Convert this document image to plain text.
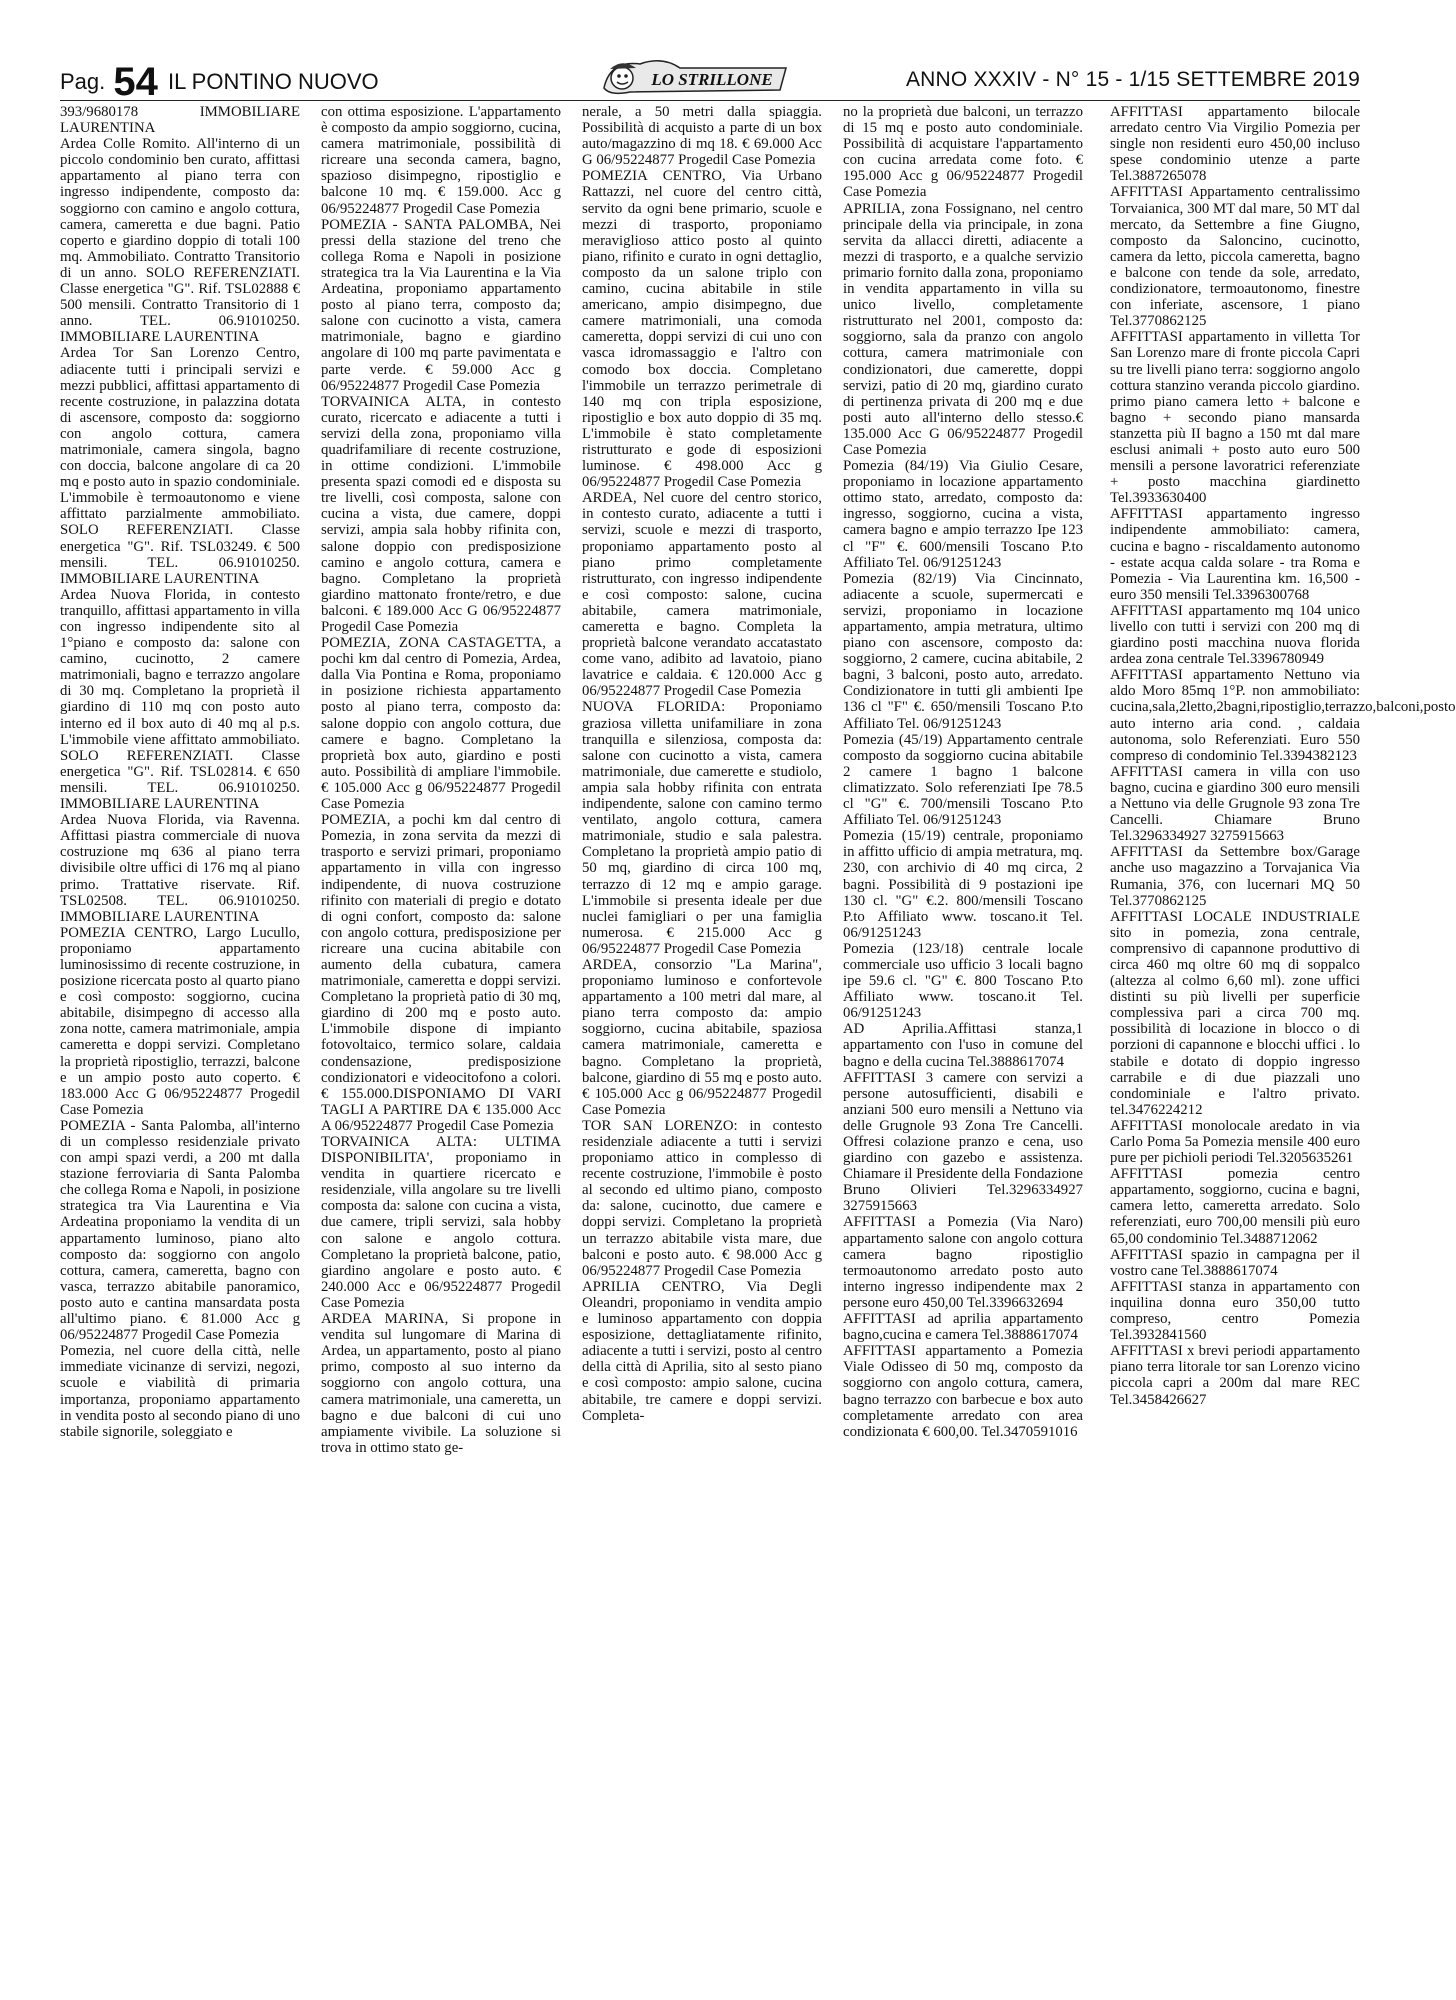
Pag. 54 IL PONTINO NUOVO	LO STRILLONE	ANNO XXXIV - N° 15 - 1/15 SETTEMBRE 2019

393/9680178 IMMOBILIARE LAURENTINA

Ardea Colle Romito. All'interno di un piccolo condominio ben curato, affittasi appartamento al piano terra con ingresso indipendente, composto da: soggiorno con camino e angolo cottura, camera, cameretta e due bagni. Patio coperto e giardino doppio di totali 100 mq. Ammobiliato. Contratto Transitorio di un anno. SOLO REFERENZIATI. Classe energetica "G". Rif. TSL02888 € 500 mensili. Contratto Transitorio di 1 anno. TEL. 06.91010250. IMMOBILIARE LAURENTINA

Ardea Tor San Lorenzo Centro, adiacente tutti i principali servizi e mezzi pubblici, affittasi appartamento di recente costruzione, in palazzina dotata di ascensore, composto da: soggiorno con angolo cottura, camera matrimoniale, camera singola, bagno con doccia, balcone angolare di ca 20 mq e posto auto in spazio condominiale. L'immobile è termoautonomo e viene affittato parzialmente ammobiliato. SOLO REFERENZIATI. Classe energetica "G". Rif. TSL03249. € 500 mensili. TEL. 06.91010250. IMMOBILIARE LAURENTINA

Ardea Nuova Florida, in contesto tranquillo, affittasi appartamento in villa con ingresso indipendente sito al 1°piano e composto da: salone con camino, cucinotto, 2 camere matrimoniali, bagno e terrazzo angolare di 30 mq. Completano la proprietà il giardino di 110 mq con posto auto interno ed il box auto di 40 mq al p.s. L'immobile viene affittato ammobiliato. SOLO REFERENZIATI. Classe energetica "G". Rif. TSL02814. € 650 mensili. TEL. 06.91010250. IMMOBILIARE LAURENTINA

Ardea Nuova Florida, via Ravenna. Affittasi piastra commerciale di nuova costruzione mq 636 al piano terra divisibile oltre uffici di 176 mq al piano primo. Trattative riservate. Rif. TSL02508. TEL. 06.91010250. IMMOBILIARE LAURENTINA

POMEZIA CENTRO, Largo Lucullo, proponiamo appartamento luminosissimo di recente costruzione, in posizione ricercata posto al quarto piano e così composto: soggiorno, cucina abitabile, disimpegno di accesso alla zona notte, camera matrimoniale, ampia cameretta e doppi servizi. Completano la proprietà ripostiglio, terrazzi, balcone e un ampio posto auto coperto. € 183.000 Acc G 06/95224877 Progedil Case Pomezia

POMEZIA - Santa Palomba, all'interno di un complesso residenziale privato con ampi spazi verdi, a 200 mt dalla stazione ferroviaria di Santa Palomba che collega Roma e Napoli, in posizione strategica tra Via Laurentina e Via Ardeatina proponiamo la vendita di un appartamento luminoso, piano alto composto da: soggiorno con angolo cottura, camera, cameretta, bagno con vasca, terrazzo abitabile panoramico, posto auto e cantina mansardata posta all'ultimo piano. € 81.000 Acc g 06/95224877 Progedil Case Pomezia

Pomezia, nel cuore della città, nelle immediate vicinanze di servizi, negozi, scuole e viabilità di primaria importanza, proponiamo appartamento in vendita posto al secondo piano di uno stabile signorile, soleggiato e

con ottima esposizione. L'appartamento è composto da ampio soggiorno, cucina, camera matrimoniale, possibilità di ricreare una seconda camera, bagno, spazioso disimpegno, ripostiglio e balcone 10 mq. € 159.000. Acc g 06/95224877 Progedil Case Pomezia

POMEZIA - SANTA PALOMBA, Nei pressi della stazione del treno che collega Roma e Napoli in posizione strategica tra la Via Laurentina e la Via Ardeatina, proponiamo appartamento posto al piano terra, composto da; salone con cucinotto a vista, camera matrimoniale, bagno e giardino angolare di 100 mq parte pavimentata e parte verde. € 59.000 Acc g 06/95224877 Progedil Case Pomezia

TORVAINICA ALTA, in contesto curato, ricercato e adiacente a tutti i servizi della zona, proponiamo villa quadrifamiliare di recente costruzione, in ottime condizioni. L'immobile presenta spazi comodi ed e disposta su tre livelli, così composta, salone con cucina a vista, due camere, doppi servizi, ampia sala hobby rifinita con, salone doppio con predisposizione camino e angolo cottura, camera e bagno. Completano la proprietà giardino mattonato fronte/retro, e due balconi. € 189.000 Acc G 06/95224877 Progedil Case Pomezia

POMEZIA, ZONA CASTAGETTA, a pochi km dal centro di Pomezia, Ardea, dalla Via Pontina e Roma, proponiamo in posizione richiesta appartamento posto al piano terra, composto da: salone doppio con angolo cottura, due camere e bagno. Completano la proprietà box auto, giardino e posti auto. Possibilità di ampliare l'immobile. € 105.000 Acc g 06/95224877 Progedil Case Pomezia

POMEZIA, a pochi km dal centro di Pomezia, in zona servita da mezzi di trasporto e servizi primari, proponiamo appartamento in villa con ingresso indipendente, di nuova costruzione rifinito con materiali di pregio e dotato di ogni confort, composto da: salone con angolo cottura, predisposizione per ricreare una cucina abitabile con aumento della cubatura, camera matrimoniale, cameretta e doppi servizi. Completano la proprietà patio di 30 mq, giardino di 200 mq e posto auto. L'immobile dispone di impianto fotovoltaico, termico solare, caldaia condensazione, predisposizione condizionatori e videocitofono a colori. € 155.000.DISPONIAMO DI VARI TAGLI A PARTIRE DA € 135.000 Acc A 06/95224877 Progedil Case Pomezia

TORVAINICA ALTA: ULTIMA DISPONIBILITA', proponiamo in vendita in quartiere ricercato e residenziale, villa angolare su tre livelli composta da: salone con cucina a vista, due camere, tripli servizi, sala hobby con salone e angolo cottura. Completano la proprietà balcone, patio, giardino angolare e posto auto. € 240.000 Acc e 06/95224877 Progedil Case Pomezia

ARDEA MARINA, Si propone in vendita sul lungomare di Marina di Ardea, un appartamento, posto al piano primo, composto al suo interno da soggiorno con angolo cottura, una camera matrimoniale, una cameretta, un bagno e due balconi di cui uno ampiamente vivibile. La soluzione si trova in ottimo stato ge-

nerale, a 50 metri dalla spiaggia. Possibilità di acquisto a parte di un box auto/magazzino di mq 18. € 69.000 Acc G 06/95224877 Progedil Case Pomezia

POMEZIA CENTRO, Via Urbano Rattazzi, nel cuore del centro città, servito da ogni bene primario, scuole e mezzi di trasporto, proponiamo meraviglioso attico posto al quinto piano, rifinito e curato in ogni dettaglio, composto da un salone triplo con camino, cucina abitabile in stile americano, ampio disimpegno, due camere matrimoniali, una comoda cameretta, doppi servizi di cui uno con vasca idromassaggio e l'altro con comodo box doccia. Completano l'immobile un terrazzo perimetrale di 140 mq con tripla esposizione, ripostiglio e box auto doppio di 35 mq. L'immobile è stato completamente ristrutturato e gode di esposizioni luminose. € 498.000 Acc g 06/95224877 Progedil Case Pomezia

ARDEA, Nel cuore del centro storico, in contesto curato, adiacente a tutti i servizi, scuole e mezzi di trasporto, proponiamo appartamento posto al piano primo completamente ristrutturato, con ingresso indipendente e così composto: salone, cucina abitabile, camera matrimoniale, cameretta e bagno. Completa la proprietà balcone verandato accatastato come vano, adibito ad lavatoio, piano lavatrice e caldaia. € 120.000 Acc g 06/95224877 Progedil Case Pomezia

NUOVA FLORIDA: Proponiamo graziosa villetta unifamiliare in zona tranquilla e silenziosa, composta da: salone con cucinotto a vista, camera matrimoniale, due camerette e studiolo, ampia sala hobby rifinita con entrata indipendente, salone con camino termo ventilato, angolo cottura, camera matrimoniale, studio e sala palestra. Completano la proprietà ampio patio di 50 mq, giardino di circa 100 mq, terrazzo di 12 mq e ampio garage. L'immobile si presenta ideale per due nuclei famigliari o per una famiglia numerosa. € 215.000 Acc g 06/95224877 Progedil Case Pomezia

ARDEA, consorzio "La Marina", proponiamo luminoso e confortevole appartamento a 100 metri dal mare, al piano terra composto da: ampio soggiorno, cucina abitabile, spaziosa camera matrimoniale, cameretta e bagno. Completano la proprietà, balcone, giardino di 55 mq e posto auto. € 105.000 Acc g 06/95224877 Progedil Case Pomezia

TOR SAN LORENZO: in contesto residenziale adiacente a tutti i servizi proponiamo attico in complesso di recente costruzione, l'immobile è posto al secondo ed ultimo piano, composto da: salone, cucinotto, due camere e doppi servizi. Completano la proprietà un terrazzo abitabile vista mare, due balconi e posto auto. € 98.000 Acc g 06/95224877 Progedil Case Pomezia

APRILIA CENTRO, Via Degli Oleandri, proponiamo in vendita ampio e luminoso appartamento con doppia esposizione, dettagliatamente rifinito, adiacente a tutti i servizi, posto al centro della città di Aprilia, sito al sesto piano e così composto: ampio salone, cucina abitabile, tre camere e doppi servizi. Completa-

no la proprietà due balconi, un terrazzo di 15 mq e posto auto condominiale. Possibilità di acquistare l'appartamento con cucina arredata come foto. € 195.000 Acc g 06/95224877 Progedil Case Pomezia

APRILIA, zona Fossignano, nel centro principale della via principale, in zona servita da allacci diretti, adiacente a mezzi di trasporto, e a qualche servizio primario fornito dalla zona, proponiamo in vendita appartamento in villa su unico livello, completamente ristrutturato nel 2001, composto da: soggiorno, sala da pranzo con angolo cottura, camera matrimoniale con condizionatori, due camerette, doppi servizi, patio di 20 mq, giardino curato di pertinenza privata di 200 mq e due posti auto all'interno dello stesso.€ 135.000 Acc G 06/95224877 Progedil Case Pomezia

Pomezia (84/19) Via Giulio Cesare, proponiamo in locazione appartamento ottimo stato, arredato, composto da: ingresso, soggiorno, cucina a vista, camera bagno e ampio terrazzo Ipe 123 cl "F" €. 600/mensili Toscano P.to Affiliato Tel. 06/91251243

Pomezia (82/19) Via Cincinnato, adiacente a scuole, supermercati e servizi, proponiamo in locazione appartamento, ampia metratura, ultimo piano con ascensore, composto da: soggiorno, 2 camere, cucina abitabile, 2 bagni, 3 balconi, posto auto, arredato. Condizionatore in tutti gli ambienti Ipe 136 cl "F" €. 650/mensili Toscano P.to Affiliato Tel. 06/91251243

Pomezia (45/19) Appartamento centrale composto da soggiorno cucina abitabile 2 camere 1 bagno 1 balcone climatizzato. Solo referenziati Ipe 78.5 cl "G" €. 700/mensili Toscano P.to Affiliato Tel. 06/91251243

Pomezia (15/19) centrale, proponiamo in affitto ufficio di ampia metratura, mq. 230, con archivio di 40 mq circa, 2 bagni. Possibilità di 9 postazioni ipe 130 cl. "G" €.2. 800/mensili Toscano P.to Affiliato www. toscano.it Tel. 06/91251243

Pomezia (123/18) centrale locale commerciale uso ufficio 3 locali bagno ipe 59.6 cl. "G" €. 800 Toscano P.to Affiliato www. toscano.it Tel. 06/91251243

AD Aprilia.Affittasi stanza,1 appartamento con l'uso in comune del bagno e della cucina Tel.3888617074

AFFITTASI 3 camere con servizi a persone autosufficienti, disabili e anziani 500 euro mensili a Nettuno via delle Grugnole 93 Zona Tre Cancelli. Offresi colazione pranzo e cena, uso giardino con gazebo e assistenza. Chiamare il Presidente della Fondazione Bruno Olivieri Tel.3296334927 3275915663

AFFITTASI a Pomezia (Via Naro) appartamento salone con angolo cottura camera bagno ripostiglio termoautonomo arredato posto auto interno ingresso indipendente max 2 persone euro 450,00 Tel.3396632694

AFFITTASI ad aprilia appartamento bagno,cucina e camera Tel.3888617074

AFFITTASI appartamento a Pomezia Viale Odisseo di 50 mq, composto da soggiorno con angolo cottura, camera, bagno terrazzo con barbecue e box auto completamente arredato con area condizionata € 600,00. Tel.3470591016

AFFITTASI appartamento bilocale arredato centro Via Virgilio Pomezia per single non residenti euro 450,00 incluso spese condominio utenze a parte Tel.3887265078

AFFITTASI Appartamento centralissimo Torvaianica, 300 MT dal mare, 50 MT dal mercato, da Settembre a fine Giugno, composto da Saloncino, cucinotto, camera da letto, piccola cameretta, bagno e balcone con tende da sole, arredato, condizionatore, termoautonomo, finestre con inferiate, ascensore, 1 piano Tel.3770862125

AFFITTASI appartamento in villetta Tor San Lorenzo mare di fronte piccola Capri su tre livelli piano terra: soggiorno angolo cottura stanzino veranda piccolo giardino. primo piano camera letto + balcone e bagno + secondo piano mansarda stanzetta più II bagno a 150 mt dal mare esclusi animali + posto auto euro 500 mensili a persone lavoratrici referenziate + posto macchina giardinetto Tel.3933630400

AFFITTASI appartamento ingresso indipendente ammobiliato: camera, cucina e bagno - riscaldamento autonomo - estate acqua calda solare - tra Roma e Pomezia - Via Laurentina km. 16,500 - euro 350 mensili Tel.3396300768

AFFITTASI appartamento mq 104 unico livello con tutti i servizi con 200 mq di giardino posti macchina nuova florida ardea zona centrale Tel.3396780949

AFFITTASI appartamento Nettuno via aldo Moro 85mq 1°P. non ammobiliato: cucina,sala,2letto,2bagni,ripostiglio,terrazzo,balconi,posto auto interno aria cond. , caldaia autonoma, solo Referenziati. Euro 550 compreso di condominio Tel.3394382123

AFFITTASI camera in villa con uso bagno, cucina e giardino 300 euro mensili a Nettuno via delle Grugnole 93 zona Tre Cancelli. Chiamare Bruno Tel.3296334927 3275915663

AFFITTASI da Settembre box/Garage anche uso magazzino a Torvajanica Via Rumania, 376, con lucernari MQ 50 Tel.3770862125

AFFITTASI LOCALE INDUSTRIALE sito in pomezia, zona centrale, comprensivo di capannone produttivo di circa 460 mq oltre 60 mq di soppalco (altezza al colmo 6,60 ml). zone uffici distinti su più livelli per superficie complessiva pari a circa 700 mq. possibilità di locazione in blocco o di porzioni di capannone e blocchi uffici . lo stabile e dotato di doppio ingresso carrabile e di due piazzali uno condominiale e l'altro privato. tel.3476224212

AFFITTASI monolocale aredato in via Carlo Poma 5a Pomezia mensile 400 euro pure per pichioli periodi Tel.3205635261

AFFITTASI pomezia centro appartamento, soggiorno, cucina e bagni, camera letto, cameretta arredato. Solo referenziati, euro 700,00 mensili più euro 65,00 condominio Tel.3488712062

AFFITTASI spazio in campagna per il vostro cane Tel.3888617074

AFFITTASI stanza in appartamento con inquilina donna euro 350,00 tutto compreso, centro Pomezia Tel.3932841560

AFFITTASI x brevi periodi appartamento piano terra litorale tor san Lorenzo vicino piccola capri a 200m dal mare REC Tel.3458426627
